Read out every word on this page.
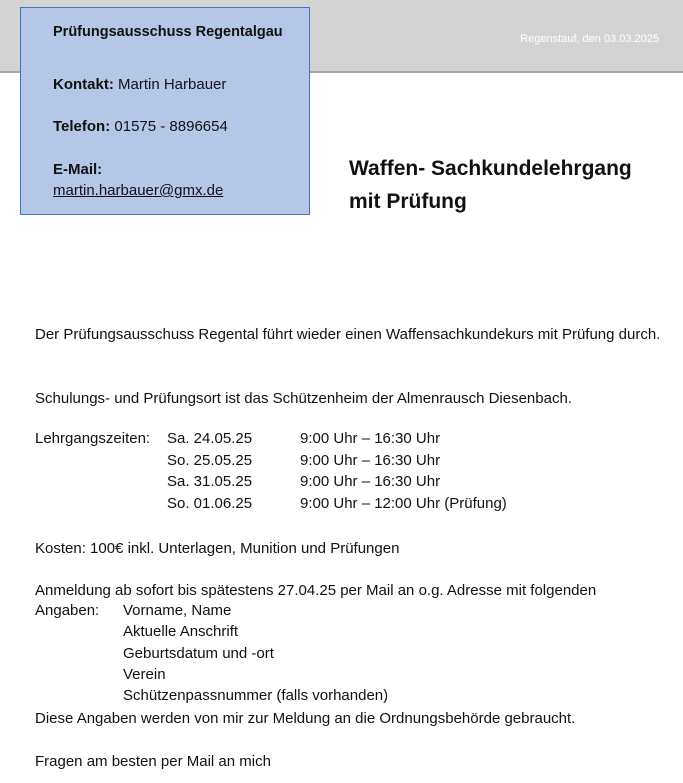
Regenstauf, den 03.03.2025
Prüfungsausschuss Regentalgau
Kontakt: Martin Harbauer
Telefon: 01575 - 8896654
E-Mail:
martin.harbauer@gmx.de
Waffen- Sachkundelehrgang
mit Prüfung
Der Prüfungsausschuss Regental führt wieder einen Waffensachkundekurs mit Prüfung durch.
Schulungs- und Prüfungsort ist das Schützenheim der Almenrausch Diesenbach.
Lehrgangszeiten: Sa. 24.05.25	9:00 Uhr – 16:30 Uhr
So. 25.05.25	9:00 Uhr – 16:30 Uhr
Sa. 31.05.25	9:00 Uhr – 16:30 Uhr
So. 01.06.25	9:00 Uhr – 12:00 Uhr (Prüfung)
Kosten: 100€ inkl. Unterlagen, Munition und Prüfungen
Anmeldung ab sofort bis spätestens 27.04.25 per Mail an o.g. Adresse mit folgenden
Angaben: Vorname, Name
Aktuelle Anschrift
Geburtsdatum und -ort
Verein
Schützenpassnummer (falls vorhanden)
Diese Angaben werden von mir zur Meldung an die Ordnungsbehörde gebraucht.
Fragen am besten per Mail an mich
